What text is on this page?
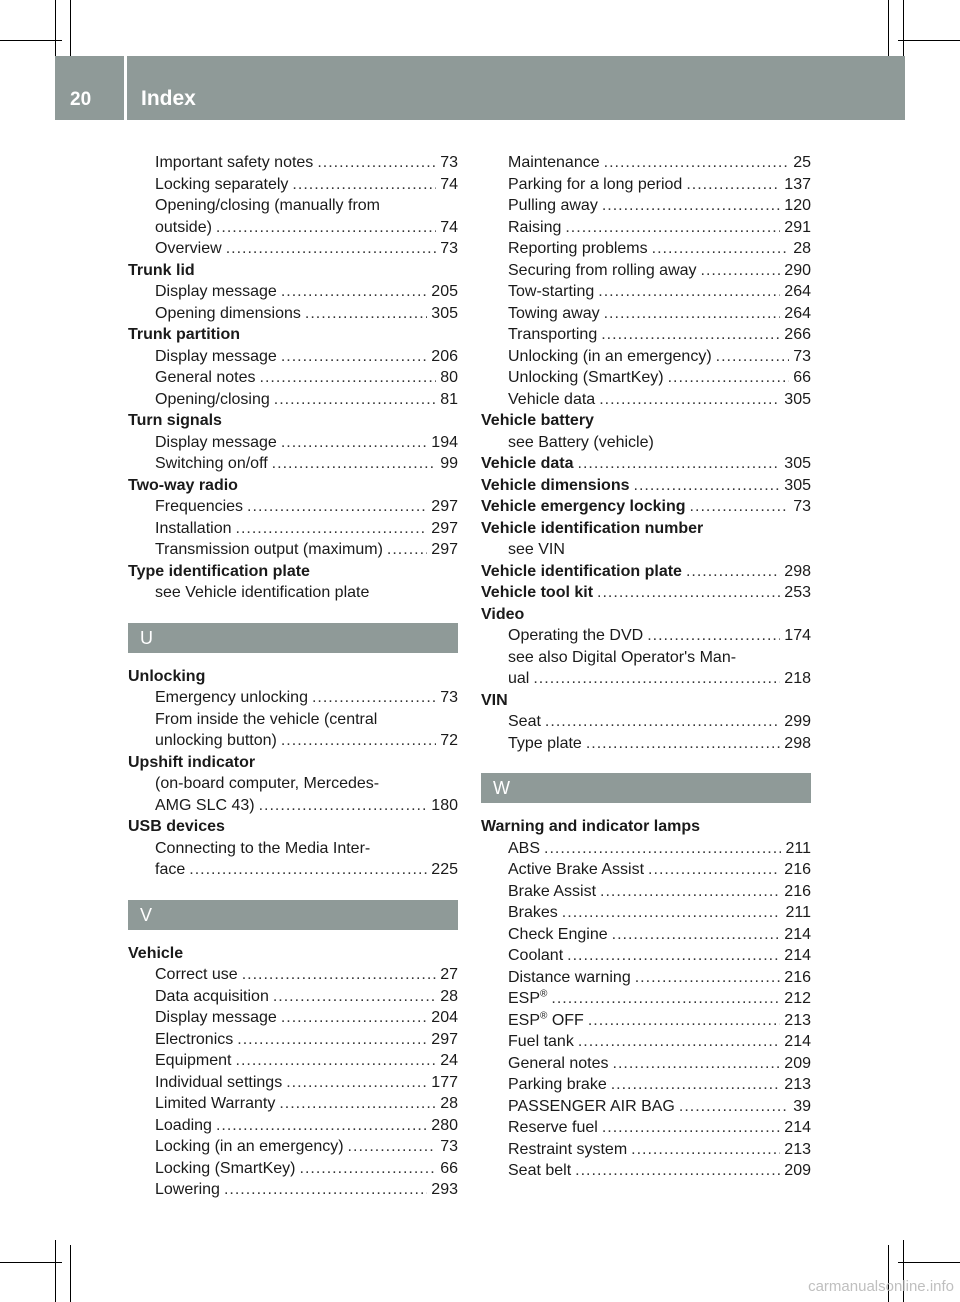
20	Index
Important safety notes .....	73
Locking separately .....	74
Opening/closing (manually from
outside) .....	74
Overview .....	73
Trunk lid
Display message .....	205
Opening dimensions .....	305
Trunk partition
Display message .....	206
General notes .....	80
Opening/closing .....	81
Turn signals
Display message .....	194
Switching on/off .....	99
Two-way radio
Frequencies .....	297
Installation .....	297
Transmission output (maximum) .....	297
Type identification plate
see Vehicle identification plate
U
Unlocking
Emergency unlocking .....	73
From inside the vehicle (central
unlocking button) .....	72
Upshift indicator
(on-board computer, Mercedes-
AMG SLC 43) .....	180
USB devices
Connecting to the Media Inter-
face .....	225
V
Vehicle
Correct use .....	27
Data acquisition .....	28
Display message .....	204
Electronics .....	297
Equipment .....	24
Individual settings .....	177
Limited Warranty .....	28
Loading .....	280
Locking (in an emergency) .....	73
Locking (SmartKey) .....	66
Lowering .....	293
Maintenance .....	25
Parking for a long period .....	137
Pulling away .....	120
Raising .....	291
Reporting problems .....	28
Securing from rolling away .....	290
Tow-starting .....	264
Towing away .....	264
Transporting .....	266
Unlocking (in an emergency) .....	73
Unlocking (SmartKey) .....	66
Vehicle data .....	305
Vehicle battery
see Battery (vehicle)
Vehicle data .....	305
Vehicle dimensions .....	305
Vehicle emergency locking .....	73
Vehicle identification number
see VIN
Vehicle identification plate .....	298
Vehicle tool kit .....	253
Video
Operating the DVD .....	174
see also Digital Operator's Man-
ual .....	218
VIN
Seat .....	299
Type plate .....	298
W
Warning and indicator lamps
ABS .....	211
Active Brake Assist .....	216
Brake Assist .....	216
Brakes .....	211
Check Engine .....	214
Coolant .....	214
Distance warning .....	216
ESP® .....	212
ESP® OFF .....	213
Fuel tank .....	214
General notes .....	209
Parking brake .....	213
PASSENGER AIR BAG .....	39
Reserve fuel .....	214
Restraint system .....	213
Seat belt .....	209
carmanualsonline.info
